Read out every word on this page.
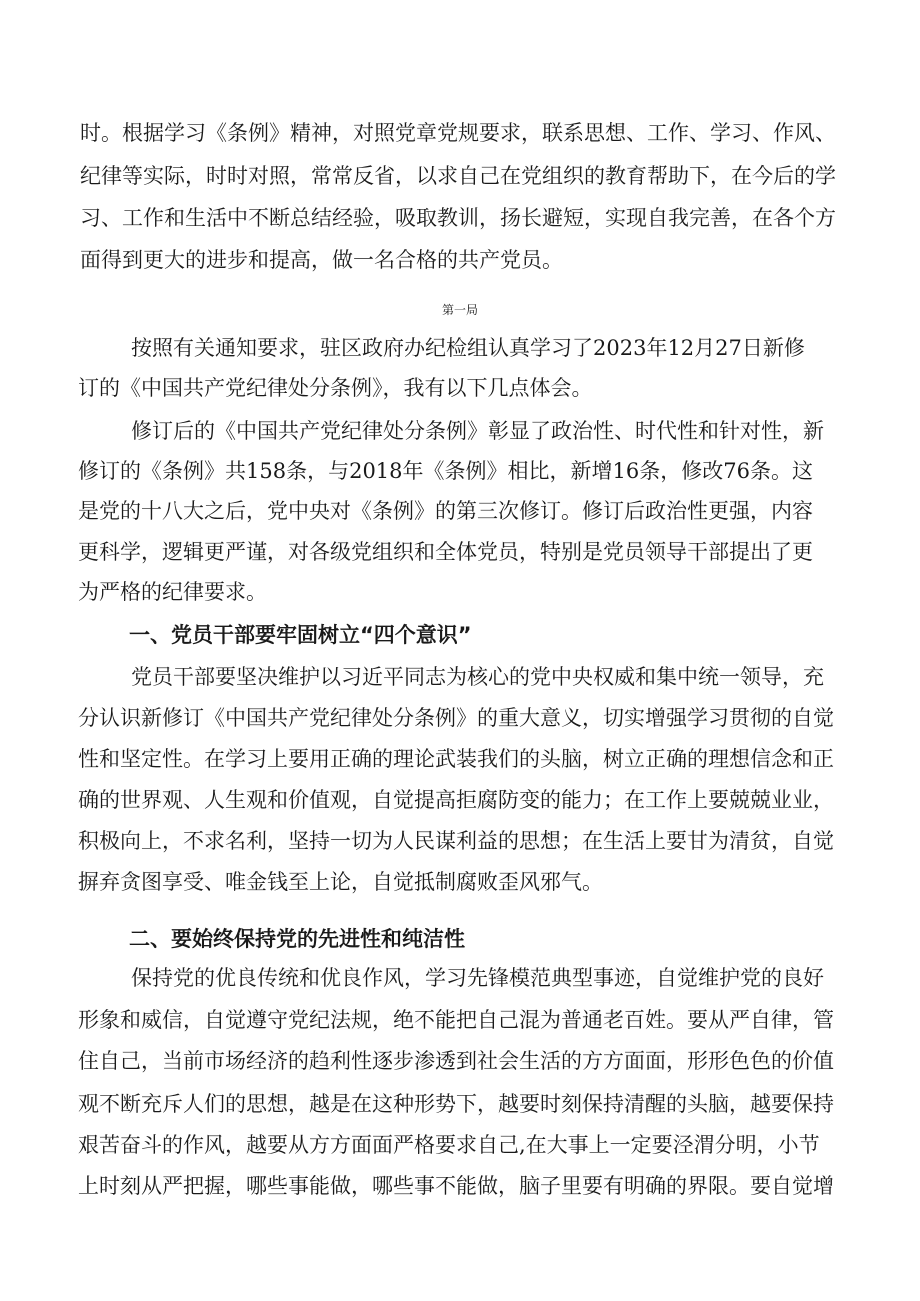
时。根据学习《条例》精神，对照党章党规要求，联系思想、工作、学习、作风、
纪律等实际，时时对照，常常反省，以求自己在党组织的教育帮助下，在今后的学
习、工作和生活中不断总结经验，吸取教训，扬长避短，实现自我完善，在各个方
面得到更大的进步和提高，做一名合格的共产党员。
第一局
按照有关通知要求，驻区政府办纪检组认真学习了2023年12月27日新修
订的《中国共产党纪律处分条例》，我有以下几点体会。
修订后的《中国共产党纪律处分条例》彰显了政治性、时代性和针对性，新
修订的《条例》共158条，与2018年《条例》相比，新增16条，修改76条。这
是党的十八大之后，党中央对《条例》的第三次修订。修订后政治性更强，内容
更科学，逻辑更严谨，对各级党组织和全体党员，特别是党员领导干部提出了更
为严格的纪律要求。
一、党员干部要牢固树立“四个意识”
党员干部要坚决维护以习近平同志为核心的党中央权威和集中统一领导，充
分认识新修订《中国共产党纪律处分条例》的重大意义，切实增强学习贯彻的自觉
性和坚定性。在学习上要用正确的理论武装我们的头脑，树立正确的理想信念和正
确的世界观、人生观和价值观，自觉提高拒腐防变的能力；在工作上要兢兢业业，
积极向上，不求名利，坚持一切为人民谋利益的思想；在生活上要甘为清贫，自觉
摒弃贪图享受、唯金钱至上论，自觉抵制腐败歪风邪气。
二、要始终保持党的先进性和纯洁性
保持党的优良传统和优良作风，学习先锋模范典型事迹，自觉维护党的良好
形象和威信，自觉遵守党纪法规，绝不能把自己混为普通老百姓。要从严自律，管
住自己，当前市场经济的趋利性逐步渗透到社会生活的方方面面，形形色色的价值
观不断充斥人们的思想，越是在这种形势下，越要时刻保持清醒的头脑，越要保持
艰苦奋斗的作风，越要从方方面面严格要求自己,在大事上一定要泾渭分明，小节
上时刻从严把握，哪些事能做，哪些事不能做，脑子里要有明确的界限。要自觉增
